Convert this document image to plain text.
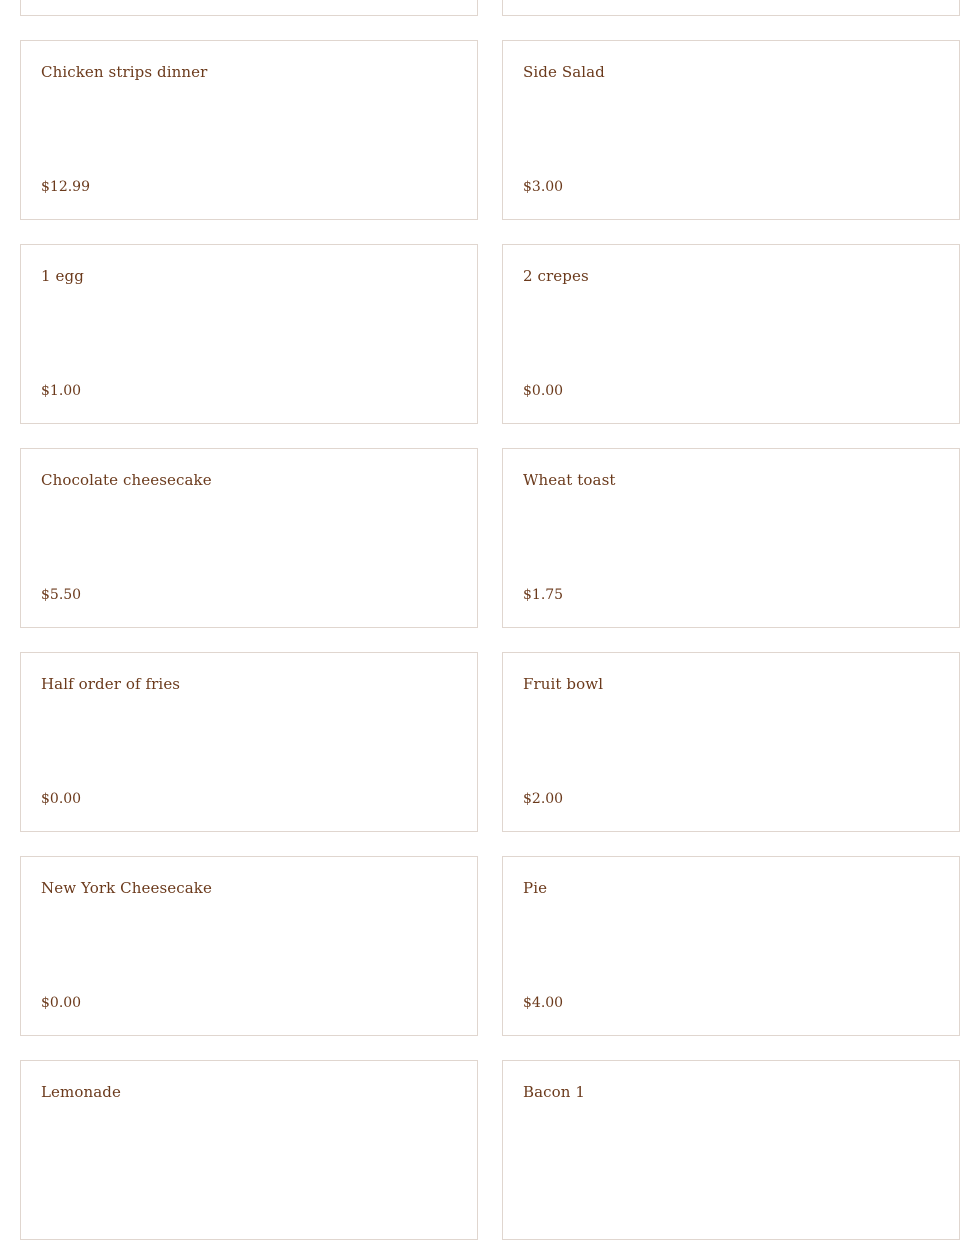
Chicken strips dinner
$12.99
Side Salad
$3.00
1 egg
$1.00
2 crepes
$0.00
Chocolate cheesecake
$5.50
Wheat toast
$1.75
Half order of fries
$0.00
Fruit bowl
$2.00
New York Cheesecake
$0.00
Pie
$4.00
Lemonade	Bacon 1
